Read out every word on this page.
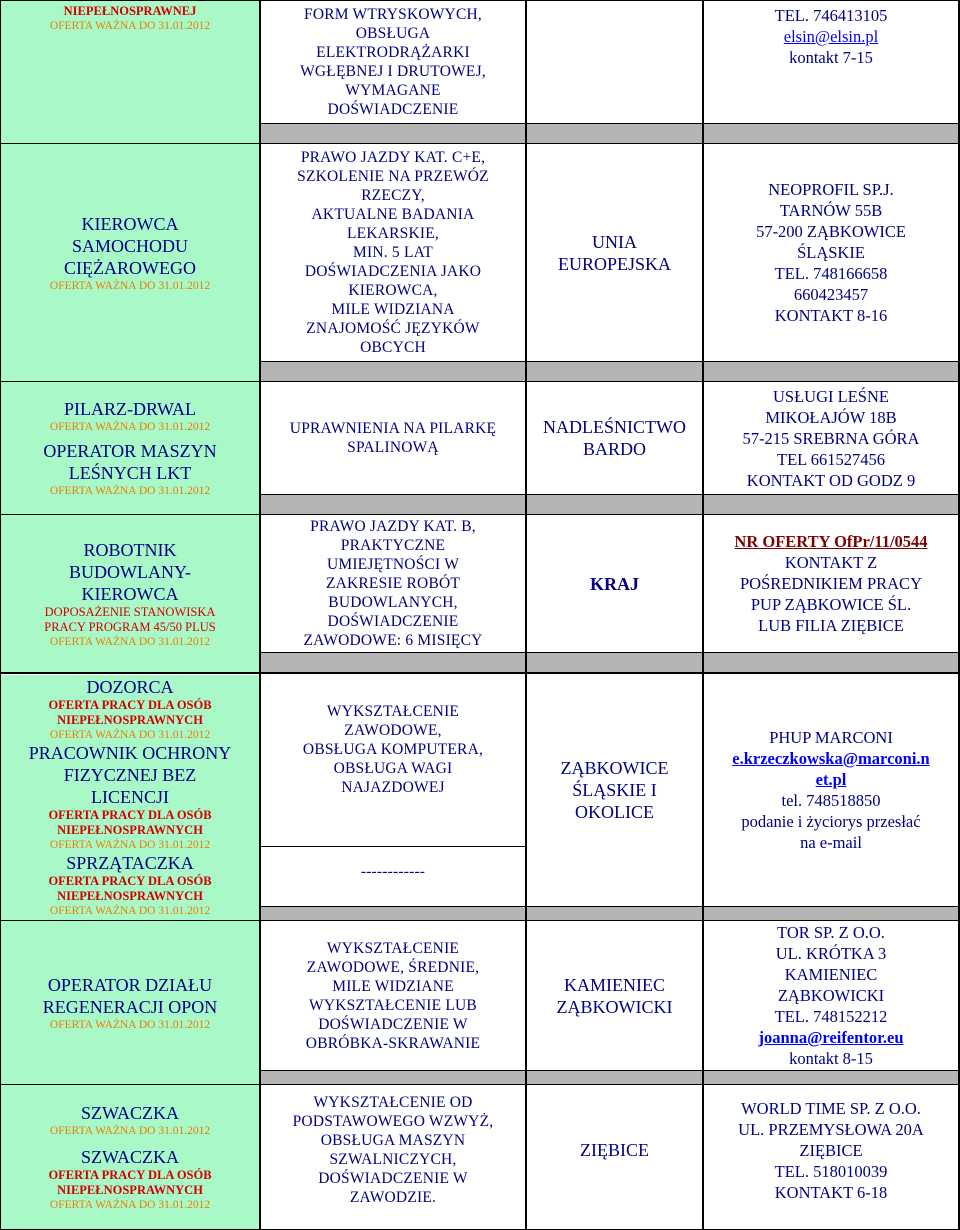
NIEPEŁNOSPRAWNEJ
OFERTA WAŻNA DO 31.01.2012
FORM WTRYSKOWYCH,
OBSŁUGA
ELEKTRODRĄŻARKI
WGŁĘBNEJ I DRUTOWEJ,
WYMAGANE
DOŚWIADCZENIE
TEL. 746413105
elsin@elsin.pl
kontakt 7-15
KIEROWCA
SAMOCHODU
CIĘŻAROWEGO
OFERTA WAŻNA DO 31.01.2012
PRAWO JAZDY KAT. C+E,
SZKOLENIE NA PRZEWÓZ
RZECZY,
AKTUALNE BADANIA
LEKARSKIE,
MIN. 5 LAT
DOŚWIADCZENIA JAKO
KIEROWCA,
MILE WIDZIANA
ZNAJOMOŚĆ JĘZYKÓW
OBCYCH
UNIA
EUROPEJSKA
NEOPROFIL SP.J.
TARNÓW 55B
57-200 ZĄBKOWICE
ŚLĄSKIE
TEL. 748166658
660423457
KONTAKT 8-16
PILARZ-DRWAL
OFERTA WAŻNA DO 31.01.2012
OPERATOR MASZYN
LEŚNYCH LKT
OFERTA WAŻNA DO 31.01.2012
UPRAWNIENIA NA PILARKĘ
SPALINOWĄ
NADLEŚNICTWO
BARDO
USŁUGI LEŚNE
MIKOŁAJÓW 18B
57-215 SREBRNA GÓRA
TEL 661527456
KONTAKT OD GODZ 9
ROBOTNIK
BUDOWLANY-
KIEROWCA
DOPOSAŻENIE STANOWISKA
PRACY PROGRAM 45/50 PLUS
OFERTA WAŻNA DO 31.01.2012
PRAWO JAZDY KAT. B,
PRAKTYCZNE
UMIEJĘTNOŚCI W
ZAKRESIE ROBÓT
BUDOWLANYCH,
DOŚWIADCZENIE
ZAWODOWE: 6 MISIĘCY
KRAJ
NR OFERTY OfPr/11/0544
KONTAKT Z
POŚREDNIKIEM PRACY
PUP ZĄBKOWICE ŚL.
LUB FILIA ZIĘBICE
DOZORCA
OFERTA PRACY DLA OSÓB
NIEPEŁNOSPRAWNYCH
OFERTA WAŻNA DO 31.01.2012
PRACOWNIK OCHRONY
FIZYCZNEJ BEZ
LICENCJI
OFERTA PRACY DLA OSÓB
NIEPEŁNOSPRAWNYCH
OFERTA WAŻNA DO 31.01.2012
SPRZĄTACZKA
OFERTA PRACY DLA OSÓB
NIEPEŁNOSPRAWNYCH
OFERTA WAŻNA DO 31.01.2012
WYKSZTAŁCENIE
ZAWODOWE,
OBSŁUGA KOMPUTERA,
OBSŁUGA WAGI
NAJAZDOWEJ
------------
ZĄBKOWICE
ŚLĄSKIE I
OKOLICE
PHUP MARCONI
e.krzeczkowska@marconi.n
et.pl
tel. 748518850
podanie i życiorys przesłać
na e-mail
OPERATOR DZIAŁU
REGENERACJI OPON
OFERTA WAŻNA DO 31.01.2012
WYKSZTAŁCENIE
ZAWODOWE, ŚREDNIE,
MILE WIDZIANE
WYKSZTAŁCENIE LUB
DOŚWIADCZENIE W
OBRÓBKA-SKRAWANIE
KAMIENIEC
ZĄBKOWICKI
TOR SP. Z O.O.
UL. KRÓTKA 3
KAMIENIEC
ZĄBKOWICKI
TEL. 748152212
joanna@reifentor.eu
kontakt 8-15
SZWACZKA
OFERTA WAŻNA DO 31.01.2012
SZWACZKA
OFERTA PRACY DLA OSÓB
NIEPEŁNOSPRAWNYCH
OFERTA WAŻNA DO 31.01.2012
WYKSZTAŁCENIE OD
PODSTAWOWEGO WZWYŻ,
OBSŁUGA MASZYN
SZWALNICZYCH,
DOŚWIADCZENIE W
ZAWODZIE.
ZIĘBICE
WORLD TIME SP. Z O.O.
UL. PRZEMYSŁOWA 20A
ZIĘBICE
TEL. 518010039
KONTAKT 6-18
